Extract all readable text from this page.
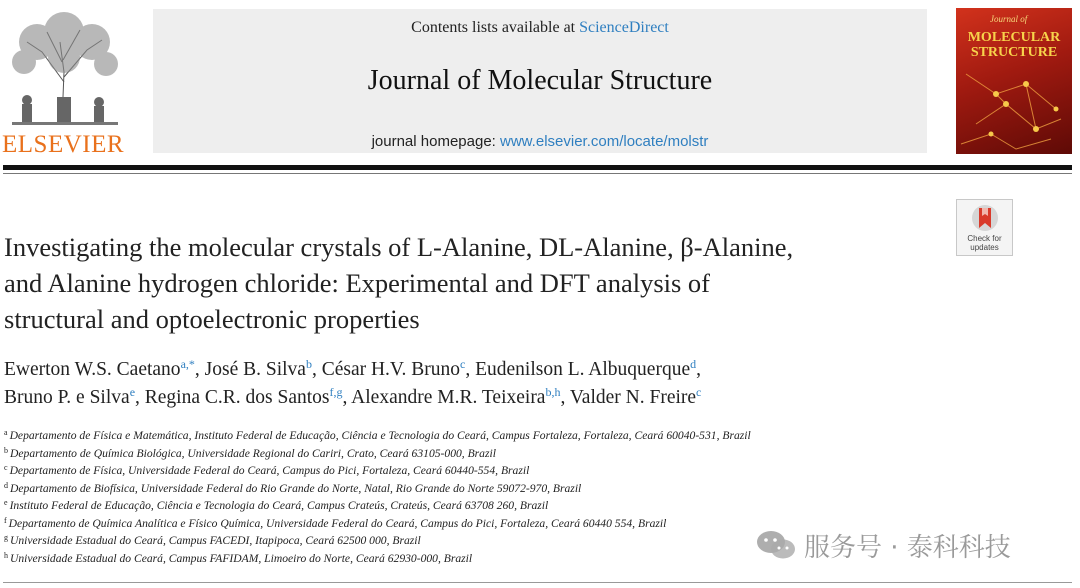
ELSEVIER
Contents lists available at ScienceDirect
Journal of Molecular Structure
journal homepage: www.elsevier.com/locate/molstr
Journal of
MOLECULAR STRUCTURE
Check for
updates
Investigating the molecular crystals of L-Alanine, DL-Alanine, β-Alanine,
and Alanine hydrogen chloride: Experimental and DFT analysis of
structural and optoelectronic properties
Ewerton W.S. Caetano$^{a,*}$, José B. Silva$^b$, César H.V. Bruno$^c$, Eudenilson L. Albuquerque$^d$,
Bruno P. e Silva$^e$, Regina C.R. dos Santos$^{f,g}$, Alexandre M.R. Teixeira$^{b,h}$, Valder N. Freire$^c$
$^a$ Departamento de Física e Matemática, Instituto Federal de Educação, Ciência e Tecnologia do Ceará, Campus Fortaleza, Fortaleza, Ceará 60040-531, Brazil
$^b$ Departamento de Química Biológica, Universidade Regional do Cariri, Crato, Ceará 63105-000, Brazil
$^c$ Departamento de Física, Universidade Federal do Ceará, Campus do Pici, Fortaleza, Ceará 60440-554, Brazil
$^d$ Departamento de Biofísica, Universidade Federal do Rio Grande do Norte, Natal, Rio Grande do Norte 59072-970, Brazil
$^e$ Instituto Federal de Educação, Ciência e Tecnologia do Ceará, Campus Crateús, Crateús, Ceará 63708 260, Brazil
$^f$ Departamento de Química Analítica e Físico Química, Universidade Federal do Ceará, Campus do Pici, Fortaleza, Ceará 60440 554, Brazil
$^g$ Universidade Estadual do Ceará, Campus FACEDI, Itapipoca, Ceará 62500 000, Brazil
$^h$ Universidade Estadual do Ceará, Campus FAFIDAM, Limoeiro do Norte, Ceará 62930-000, Brazil	服务号 · 泰科科技
